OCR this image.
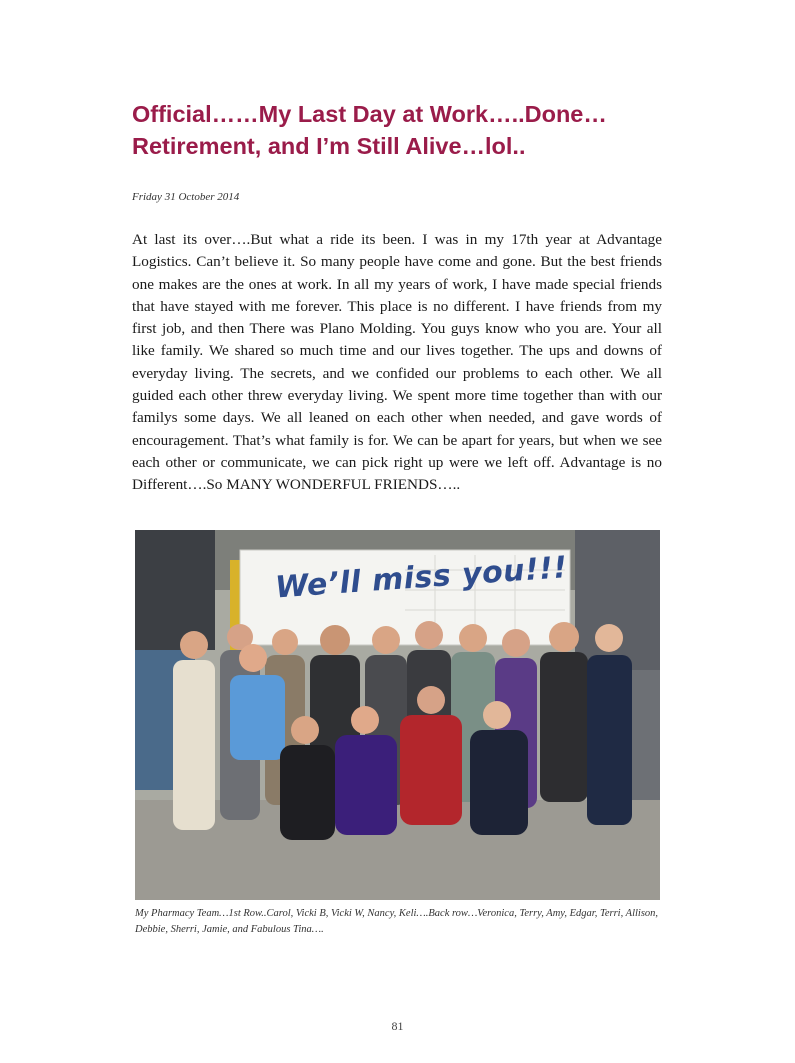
Official……My Last Day at Work…..Done…Retirement, and I’m Still Alive…lol..
Friday 31 October 2014

At last its over….But what a ride its been. I was in my 17th year at Advantage Logistics. Can’t believe it. So many people have come and gone. But the best friends one makes are the ones at work. In all my years of work, I have made special friends that have stayed with me forever. This place is no different. I have friends from my first job, and then There was Plano Molding. You guys know who you are. Your all like family. We shared so much time and our lives together. The ups and downs of everyday living. The secrets, and we confided our problems to each other. We all guided each other threw everyday living. We spent more time together than with our familys some days. We all leaned on each other when needed, and gave words of encouragement. That’s what family is for. We can be apart for years, but when we see each other or communicate, we can pick right up were we left off. Advantage is no Different….So MANY WONDERFUL FRIENDS…..

We’ll miss you!!!

My Pharmacy Team…1st Row..Carol, Vicki B, Vicki W, Nancy, Keli….Back row…Veronica, Terry, Amy, Edgar, Terri, Allison, Debbie, Sherri, Jamie, and Fabulous Tina….

81
